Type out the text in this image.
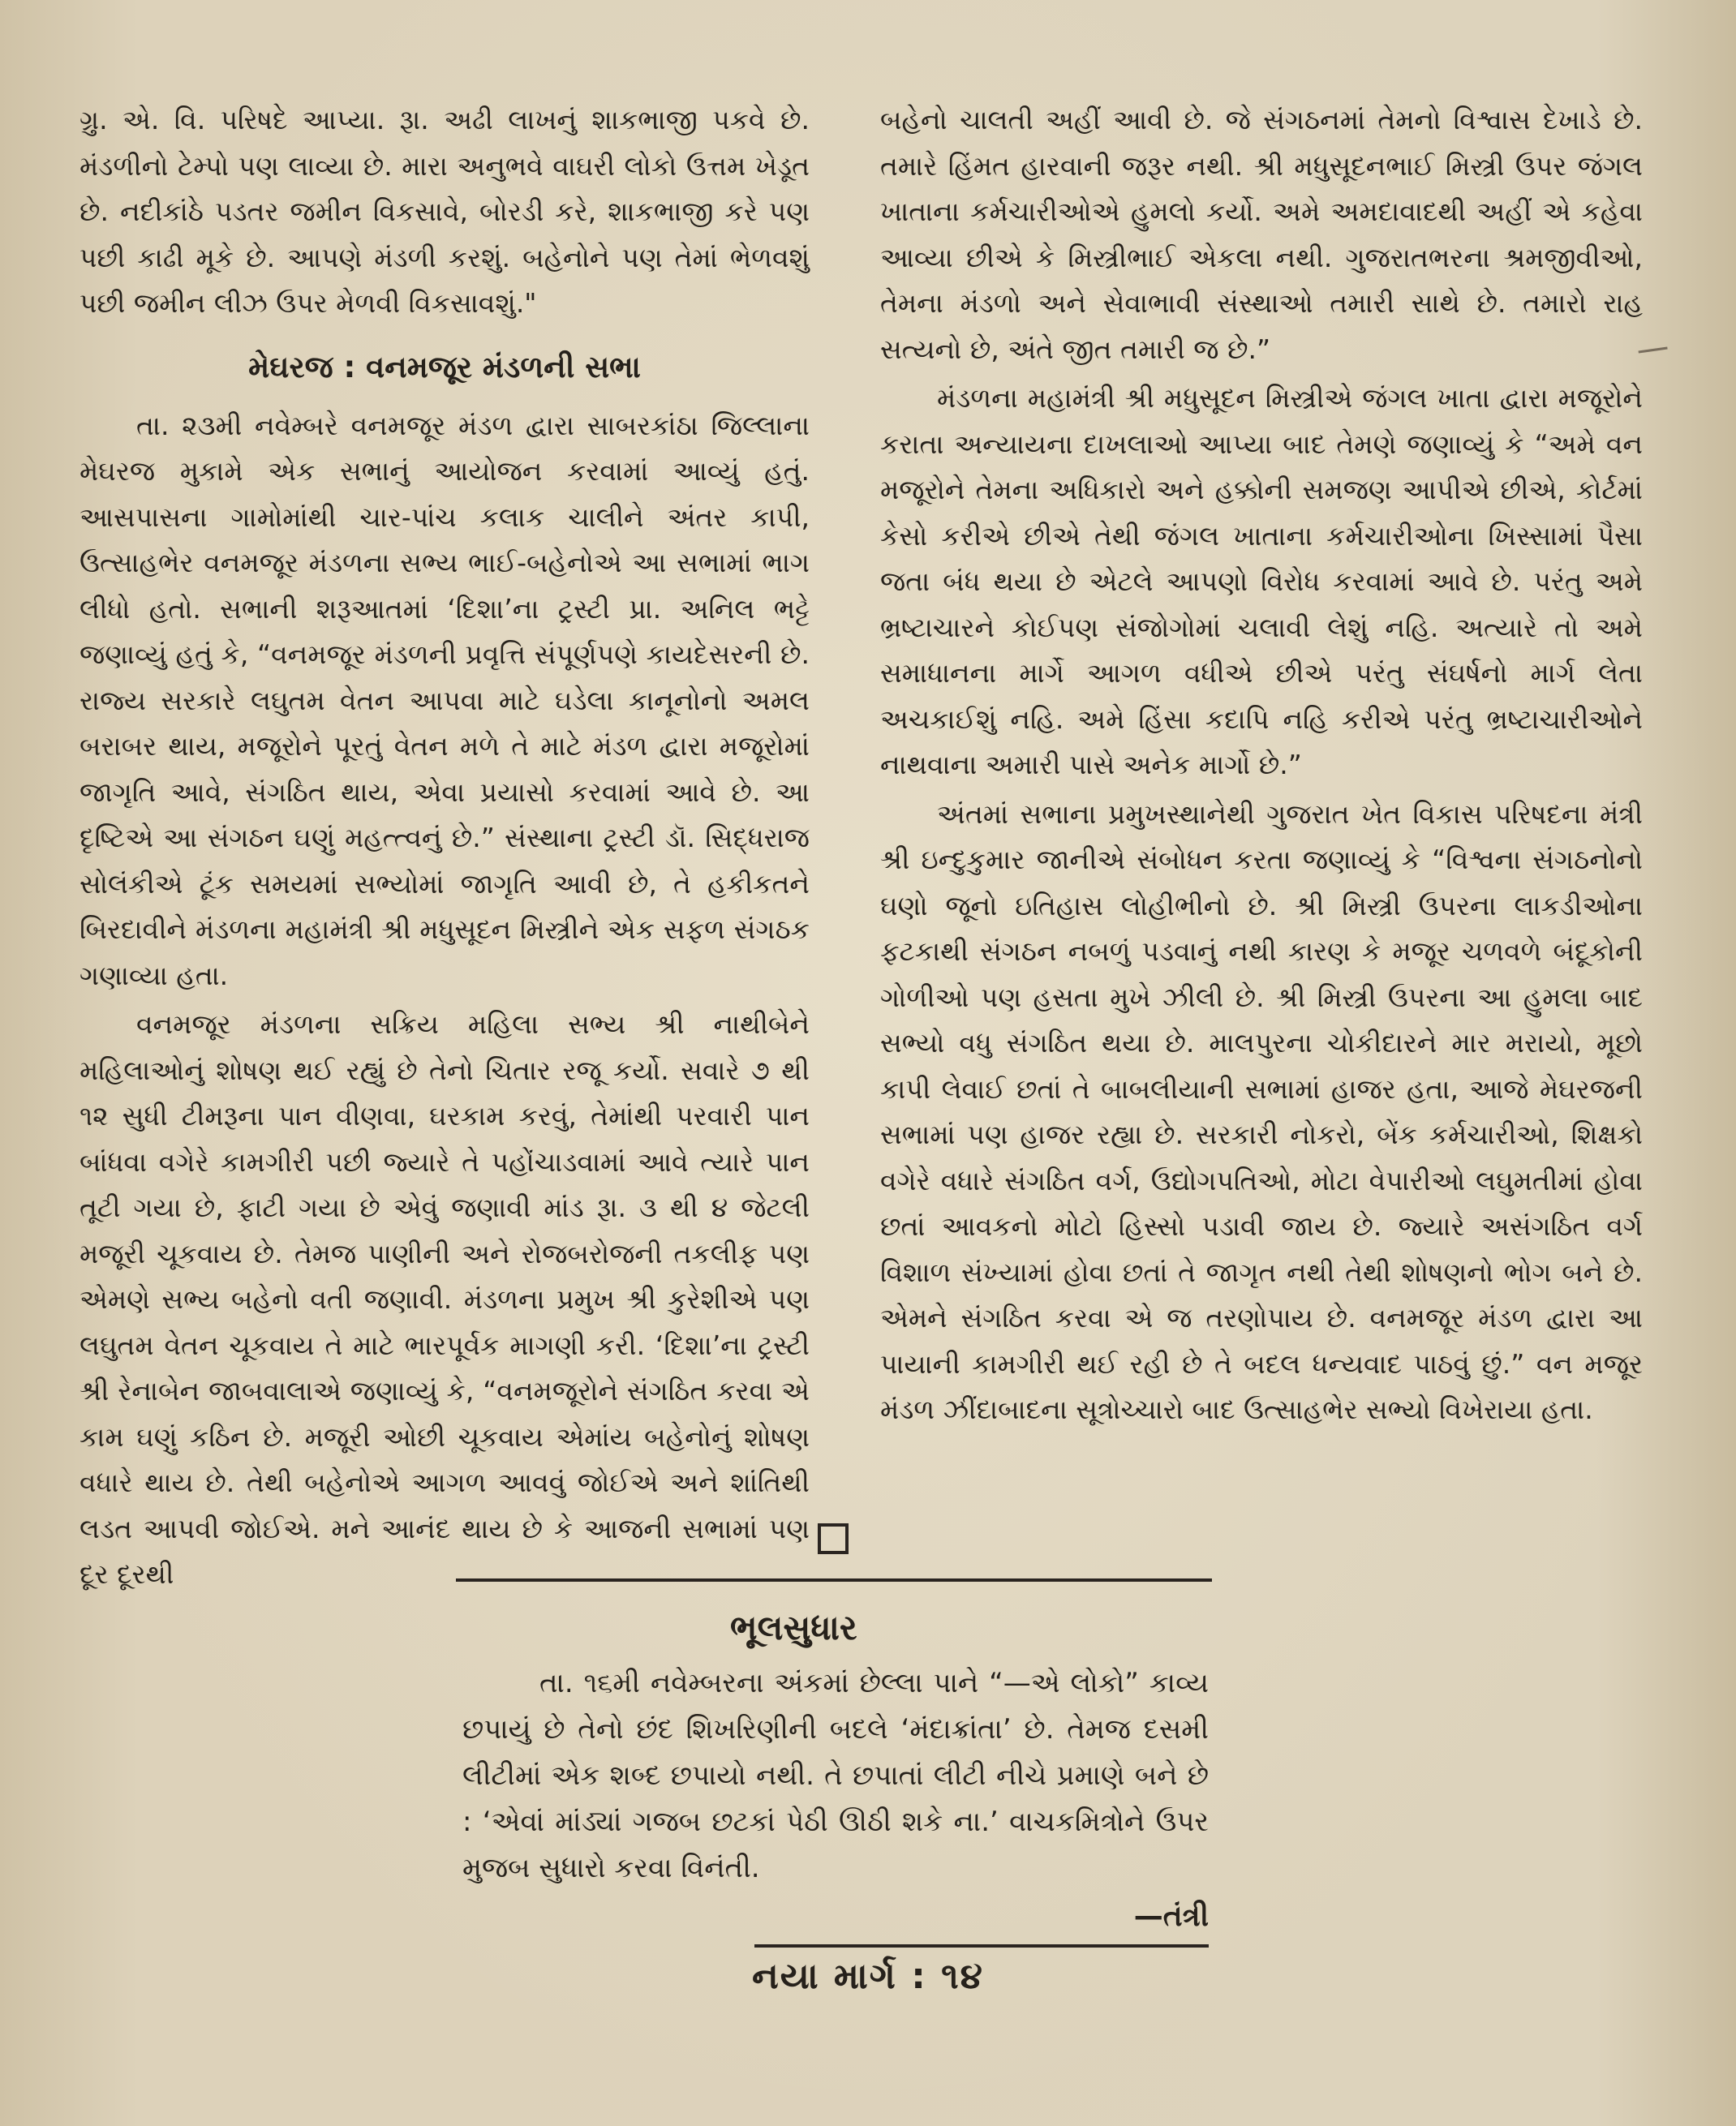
ગ્રુ. એ. વિ. પરિષદે આપ્યા. રૂા. અઢી લાખનું શાકભાજી પકવે છે. મંડળીનો ટેમ્પો પણ લાવ્યા છે. મારા અનુભવે વાઘરી લોકો ઉત્તમ ખેડૂત છે. નદીકાંઠે પડતર જમીન વિકસાવે, બોરડી કરે, શાકભાજી કરે પણ પછી કાઢી મૂકે છે. આપણે મંડળી કરશું. બહેનોને પણ તેમાં ભેળવશું પછી જમીન લીઝ ઉપર મેળવી વિકસાવશું."

મેઘરજ : વનમજૂર મંડળની સભા

તા. ૨૩મી નવેમ્બરે વનમજૂર મંડળ દ્વારા સાબરકાંઠા જિલ્લાના મેઘરજ મુકામે એક સભાનું આયોજન કરવામાં આવ્યું હતું. આસપાસના ગામોમાંથી ચાર-પાંચ કલાક ચાલીને અંતર કાપી, ઉત્સાહભેર વનમજૂર મંડળના સભ્ય ભાઈ-બહેનોએ આ સભામાં ભાગ લીધો હતો. સભાની શરૂઆતમાં ‘દિશા’ના ટ્રસ્ટી પ્રા. અનિલ ભટ્ટે જણાવ્યું હતું કે, “વનમજૂર મંડળની પ્રવૃત્તિ સંપૂર્ણપણે કાયદેસરની છે. રાજ્ય સરકારે લઘુતમ વેતન આપવા માટે ઘડેલા કાનૂનોનો અમલ બરાબર થાય, મજૂરોને પૂરતું વેતન મળે તે માટે મંડળ દ્વારા મજૂરોમાં જાગૃતિ આવે, સંગઠિત થાય, એવા પ્રયાસો કરવામાં આવે છે. આ દૃષ્ટિએ આ સંગઠન ઘણું મહત્ત્વનું છે.” સંસ્થાના ટ્રસ્ટી ડૉ. સિદ્ધરાજ સોલંકીએ ટૂંક સમયમાં સભ્યોમાં જાગૃતિ આવી છે, તે હકીકતને બિરદાવીને મંડળના મહામંત્રી શ્રી મધુસૂદન મિસ્ત્રીને એક સફળ સંગઠક ગણાવ્યા હતા.

વનમજૂર મંડળના સક્રિય મહિલા સભ્ય શ્રી નાથીબેને મહિલાઓનું શોષણ થઈ રહ્યું છે તેનો ચિતાર રજૂ કર્યો. સવારે ૭ થી ૧૨ સુધી ટીમરૂના પાન વીણવા, ઘરકામ કરવું, તેમાંથી પરવારી પાન બાંધવા વગેરે કામગીરી પછી જ્યારે તે પહોંચાડવામાં આવે ત્યારે પાન તૂટી ગયા છે, ફાટી ગયા છે એવું જણાવી માંડ રૂા. ૩ થી ૪ જેટલી મજૂરી ચૂકવાય છે. તેમજ પાણીની અને રોજબરોજની તકલીફ પણ એમણે સભ્ય બહેનો વતી જણાવી. મંડળના પ્રમુખ શ્રી કુરેશીએ પણ લઘુતમ વેતન ચૂકવાય તે માટે ભારપૂર્વક માગણી કરી. ‘દિશા’ના ટ્રસ્ટી શ્રી રેનાબેન જાબવાલાએ જણાવ્યું કે, “વનમજૂરોને સંગઠિત કરવા એ કામ ઘણું કઠિન છે. મજૂરી ઓછી ચૂકવાય એમાંય બહેનોનું શોષણ વધારે થાય છે. તેથી બહેનોએ આગળ આવવું જોઈએ અને શાંતિથી લડત આપવી જોઈએ. મને આનંદ થાય છે કે આજની સભામાં પણ દૂર દૂરથી

બહેનો ચાલતી અહીં આવી છે. જે સંગઠનમાં તેમનો વિશ્વાસ દેખાડે છે. તમારે હિંમત હારવાની જરૂર નથી. શ્રી મધુસૂદનભાઈ મિસ્ત્રી ઉપર જંગલ ખાતાના કર્મચારીઓએ હુમલો કર્યો. અમે અમદાવાદથી અહીં એ કહેવા આવ્યા છીએ કે મિસ્ત્રીભાઈ એકલા નથી. ગુજરાતભરના શ્રમજીવીઓ, તેમના મંડળો અને સેવાભાવી સંસ્થાઓ તમારી સાથે છે. તમારો રાહ સત્યનો છે, અંતે જીત તમારી જ છે.”

મંડળના મહામંત્રી શ્રી મધુસૂદન મિસ્ત્રીએ જંગલ ખાતા દ્વારા મજૂરોને કરાતા અન્યાયના દાખલાઓ આપ્યા બાદ તેમણે જણાવ્યું કે “અમે વન મજૂરોને તેમના અધિકારો અને હક્કોની સમજણ આપીએ છીએ, કોર્ટમાં કેસો કરીએ છીએ તેથી જંગલ ખાતાના કર્મચારીઓના ખિસ્સામાં પૈસા જતા બંધ થયા છે એટલે આપણો વિરોધ કરવામાં આવે છે. પરંતુ અમે ભ્રષ્ટાચારને કોઈપણ સંજોગોમાં ચલાવી લેશું નહિ. અત્યારે તો અમે સમાધાનના માર્ગે આગળ વધીએ છીએ પરંતુ સંઘર્ષનો માર્ગ લેતા અચકાઈશું નહિ. અમે હિંસા કદાપિ નહિ કરીએ પરંતુ ભ્રષ્ટાચારીઓને નાથવાના અમારી પાસે અનેક માર્ગો છે.”

અંતમાં સભાના પ્રમુખસ્થાનેથી ગુજરાત ખેત વિકાસ પરિષદના મંત્રી શ્રી ઇન્દુકુમાર જાનીએ સંબોધન કરતા જણાવ્યું કે “વિશ્વના સંગઠનોનો ઘણો જૂનો ઇતિહાસ લોહીભીનો છે. શ્રી મિસ્ત્રી ઉપરના લાકડીઓના ફટકાથી સંગઠન નબળું પડવાનું નથી કારણ કે મજૂર ચળવળે બંદૂકોની ગોળીઓ પણ હસતા મુખે ઝીલી છે. શ્રી મિસ્ત્રી ઉપરના આ હુમલા બાદ સભ્યો વધુ સંગઠિત થયા છે. માલપુરના ચોકીદારને માર મરાયો, મૂછો કાપી લેવાઈ છતાં તે બાબલીયાની સભામાં હાજર હતા, આજે મેઘરજની સભામાં પણ હાજર રહ્યા છે. સરકારી નોકરો, બેંક કર્મચારીઓ, શિક્ષકો વગેરે વધારે સંગઠિત વર્ગ, ઉદ્યોગપતિઓ, મોટા વેપારીઓ લઘુમતીમાં હોવા છતાં આવકનો મોટો હિસ્સો પડાવી જાય છે. જ્યારે અસંગઠિત વર્ગ વિશાળ સંખ્યામાં હોવા છતાં તે જાગૃત નથી તેથી શોષણનો ભોગ બને છે. એમને સંગઠિત કરવા એ જ તરણોપાય છે. વનમજૂર મંડળ દ્વારા આ પાયાની કામગીરી થઈ રહી છે તે બદલ ધન્યવાદ પાઠવું છું.” વન મજૂર મંડળ ઝીંદાબાદના સૂત્રોચ્ચારો બાદ ઉત્સાહભેર સભ્યો વિખેરાયા હતા.

ભૂલસુધાર

તા. ૧૬મી નવેમ્બરના અંકમાં છેલ્લા પાને “—એ લોકો” કાવ્ય છપાયું છે તેનો છંદ શિખરિણીની બદલે ‘મંદાક્રાંતા’ છે. તેમજ દસમી લીટીમાં એક શબ્દ છપાયો નથી. તે છપાતાં લીટી નીચે પ્રમાણે બને છે : ‘એવાં માંડ્યાં ગજબ છટકાં પેઠી ઊઠી શકે ના.’ વાચકમિત્રોને ઉપર મુજબ સુધારો કરવા વિનંતી.

—તંત્રી
નયા માર્ગ : ૧૪
